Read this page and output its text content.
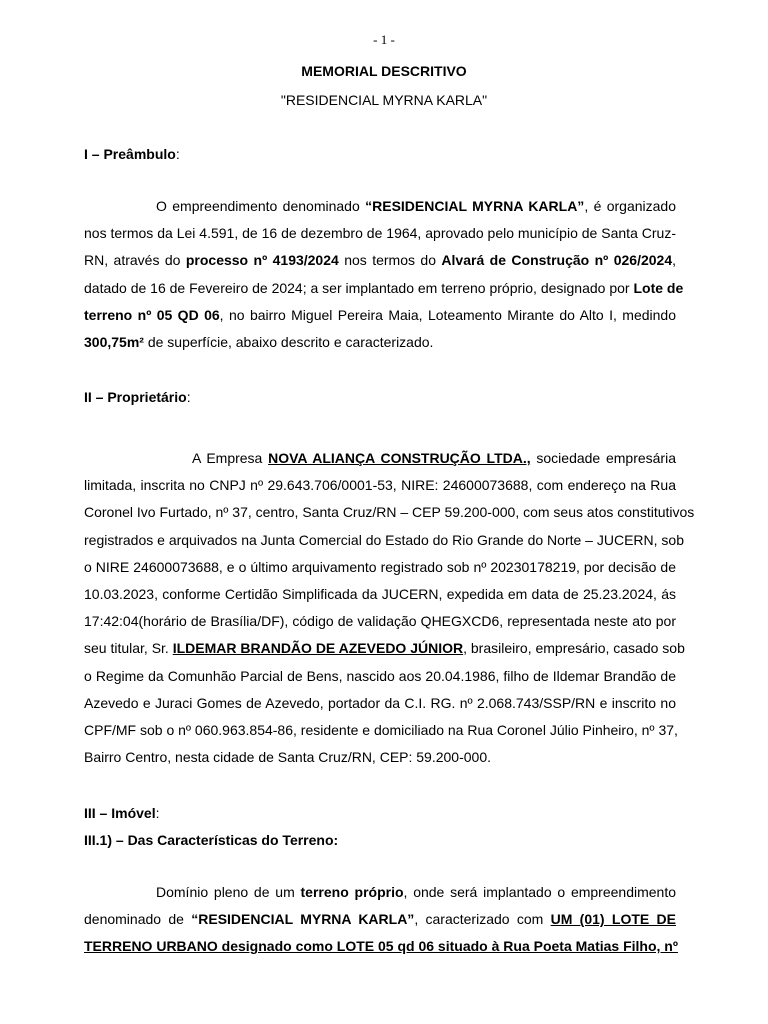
- 1 -
MEMORIAL DESCRITIVO
"RESIDENCIAL MYRNA KARLA"
I – Preâmbulo:
O empreendimento denominado “RESIDENCIAL MYRNA KARLA”, é organizado
nos termos da Lei 4.591, de 16 de dezembro de 1964, aprovado pelo município de Santa Cruz-
RN, através do processo nº 4193/2024 nos termos do Alvará de Construção nº 026/2024,
datado de 16 de Fevereiro de 2024; a ser implantado em terreno próprio, designado por Lote de
terreno nº 05 QD 06, no bairro Miguel Pereira Maia, Loteamento Mirante do Alto I, medindo
300,75m² de superfície, abaixo descrito e caracterizado.
II – Proprietário:
A Empresa NOVA ALIANÇA CONSTRUÇÃO LTDA., sociedade empresária
limitada, inscrita no CNPJ nº 29.643.706/0001-53, NIRE: 24600073688, com endereço na Rua
Coronel Ivo Furtado, nº 37, centro, Santa Cruz/RN – CEP 59.200-000, com seus atos constitutivos
registrados e arquivados na Junta Comercial do Estado do Rio Grande do Norte – JUCERN, sob
o NIRE 24600073688, e o último arquivamento registrado sob nº 20230178219, por decisão de
10.03.2023, conforme Certidão Simplificada da JUCERN, expedida em data de 25.23.2024, ás
17:42:04(horário de Brasília/DF), código de validação QHEGXCD6, representada neste ato por
seu titular, Sr. ILDEMAR BRANDÃO DE AZEVEDO JÚNIOR, brasileiro, empresário, casado sob
o Regime da Comunhão Parcial de Bens, nascido aos 20.04.1986, filho de Ildemar Brandão de
Azevedo e Juraci Gomes de Azevedo, portador da C.I. RG. nº 2.068.743/SSP/RN e inscrito no
CPF/MF sob o nº 060.963.854-86, residente e domiciliado na Rua Coronel Júlio Pinheiro, nº 37,
Bairro Centro, nesta cidade de Santa Cruz/RN, CEP: 59.200-000.
III – Imóvel:
III.1) – Das Características do Terreno:
Domínio pleno de um terreno próprio, onde será implantado o empreendimento
denominado de “RESIDENCIAL MYRNA KARLA”, caracterizado com UM (01) LOTE DE
TERRENO URBANO designado como LOTE 05 qd 06 situado à Rua Poeta Matias Filho, nº
